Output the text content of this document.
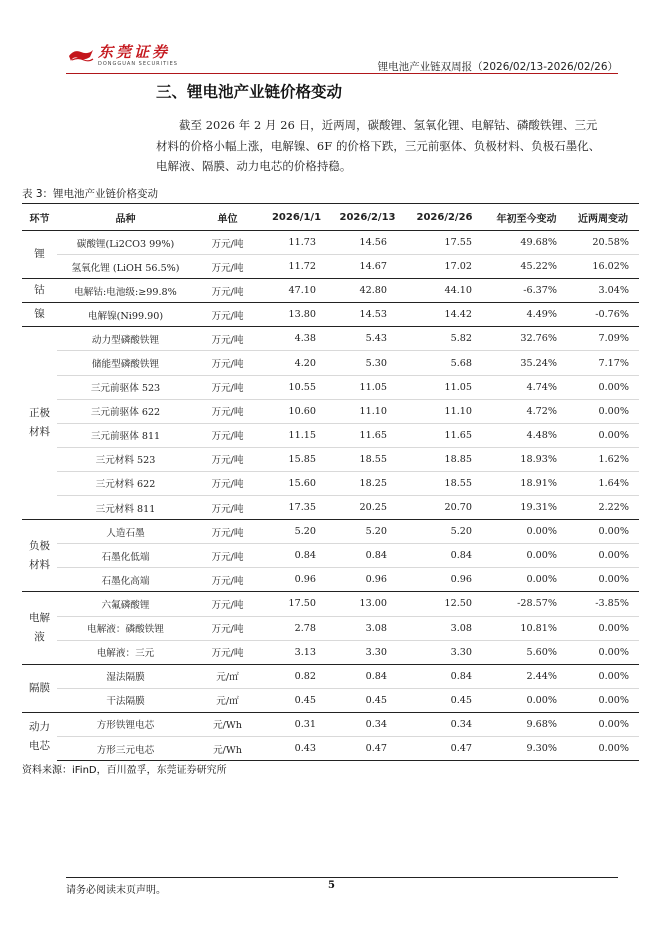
东莞证券
DONGGUAN SECURITIES	锂电池产业链双周报（2026/02/13-2026/02/26）
三、锂电池产业链价格变动
截至 2026 年 2 月 26 日，近两周，碳酸锂、氢氧化锂、电解钴、磷酸铁锂、三元材料的价格小幅上涨，电解镍、6F 的价格下跌，三元前驱体、负极材料、负极石墨化、电解液、隔膜、动力电芯的价格持稳。
表 3：锂电池产业链价格变动
环节	品种	单位	2026/1/1	2026/2/13	2026/2/26	年初至今变动	近两周变动
锂	碳酸锂(Li2CO3 99%)	万元/吨	11.73	14.56	17.55	49.68%	20.58%
	氢氧化锂 (LiOH 56.5%)	万元/吨	11.72	14.67	17.02	45.22%	16.02%
钴	电解钴:电池级:≥99.8%	万元/吨	47.10	42.80	44.10	-6.37%	3.04%
镍	电解镍(Ni99.90)	万元/吨	13.80	14.53	14.42	4.49%	-0.76%
正极
材料	动力型磷酸铁锂	万元/吨	4.38	5.43	5.82	32.76%	7.09%
	储能型磷酸铁锂	万元/吨	4.20	5.30	5.68	35.24%	7.17%
	三元前驱体 523	万元/吨	10.55	11.05	11.05	4.74%	0.00%
	三元前驱体 622	万元/吨	10.60	11.10	11.10	4.72%	0.00%
	三元前驱体 811	万元/吨	11.15	11.65	11.65	4.48%	0.00%
	三元材料 523	万元/吨	15.85	18.55	18.85	18.93%	1.62%
	三元材料 622	万元/吨	15.60	18.25	18.55	18.91%	1.64%
	三元材料 811	万元/吨	17.35	20.25	20.70	19.31%	2.22%
负极
材料	人造石墨	万元/吨	5.20	5.20	5.20	0.00%	0.00%
	石墨化低端	万元/吨	0.84	0.84	0.84	0.00%	0.00%
	石墨化高端	万元/吨	0.96	0.96	0.96	0.00%	0.00%
电解
液	六氟磷酸锂	万元/吨	17.50	13.00	12.50	-28.57%	-3.85%
	电解液：磷酸铁锂	万元/吨	2.78	3.08	3.08	10.81%	0.00%
	电解液：三元	万元/吨	3.13	3.30	3.30	5.60%	0.00%
隔膜	湿法隔膜	元/㎡	0.82	0.84	0.84	2.44%	0.00%
	干法隔膜	元/㎡	0.45	0.45	0.45	0.00%	0.00%
动力
电芯	方形铁锂电芯	元/Wh	0.31	0.34	0.34	9.68%	0.00%
	方形三元电芯	元/Wh	0.43	0.47	0.47	9.30%	0.00%
资料来源：iFinD，百川盈孚，东莞证券研究所
请务必阅读末页声明。	5
